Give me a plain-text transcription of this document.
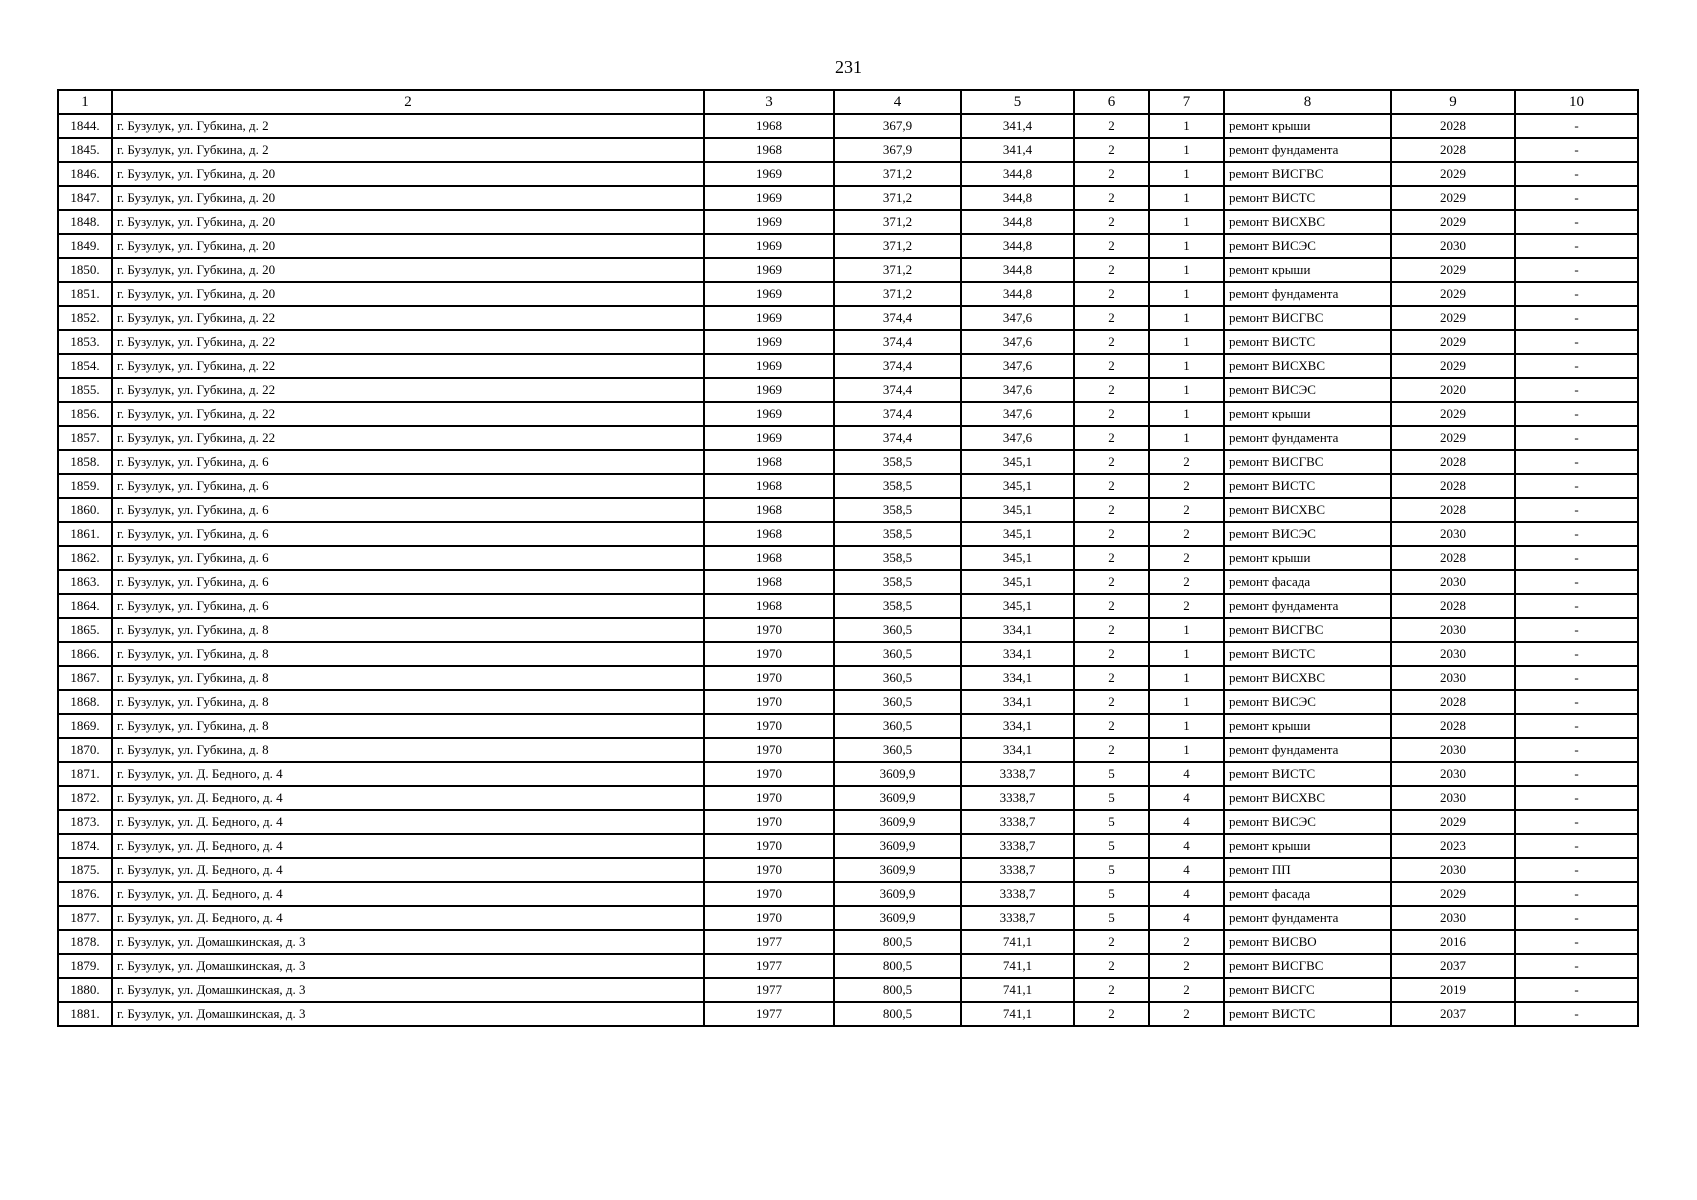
231
1	2	3	4	5	6	7	8	9	10
1844.	г. Бузулук, ул. Губкина, д. 2	1968	367,9	341,4	2	1	ремонт крыши	2028	-
1845.	г. Бузулук, ул. Губкина, д. 2	1968	367,9	341,4	2	1	ремонт фундамента	2028	-
1846.	г. Бузулук, ул. Губкина, д. 20	1969	371,2	344,8	2	1	ремонт ВИСГВС	2029	-
1847.	г. Бузулук, ул. Губкина, д. 20	1969	371,2	344,8	2	1	ремонт ВИСТС	2029	-
1848.	г. Бузулук, ул. Губкина, д. 20	1969	371,2	344,8	2	1	ремонт ВИСХВС	2029	-
1849.	г. Бузулук, ул. Губкина, д. 20	1969	371,2	344,8	2	1	ремонт ВИСЭС	2030	-
1850.	г. Бузулук, ул. Губкина, д. 20	1969	371,2	344,8	2	1	ремонт крыши	2029	-
1851.	г. Бузулук, ул. Губкина, д. 20	1969	371,2	344,8	2	1	ремонт фундамента	2029	-
1852.	г. Бузулук, ул. Губкина, д. 22	1969	374,4	347,6	2	1	ремонт ВИСГВС	2029	-
1853.	г. Бузулук, ул. Губкина, д. 22	1969	374,4	347,6	2	1	ремонт ВИСТС	2029	-
1854.	г. Бузулук, ул. Губкина, д. 22	1969	374,4	347,6	2	1	ремонт ВИСХВС	2029	-
1855.	г. Бузулук, ул. Губкина, д. 22	1969	374,4	347,6	2	1	ремонт ВИСЭС	2020	-
1856.	г. Бузулук, ул. Губкина, д. 22	1969	374,4	347,6	2	1	ремонт крыши	2029	-
1857.	г. Бузулук, ул. Губкина, д. 22	1969	374,4	347,6	2	1	ремонт фундамента	2029	-
1858.	г. Бузулук, ул. Губкина, д. 6	1968	358,5	345,1	2	2	ремонт ВИСГВС	2028	-
1859.	г. Бузулук, ул. Губкина, д. 6	1968	358,5	345,1	2	2	ремонт ВИСТС	2028	-
1860.	г. Бузулук, ул. Губкина, д. 6	1968	358,5	345,1	2	2	ремонт ВИСХВС	2028	-
1861.	г. Бузулук, ул. Губкина, д. 6	1968	358,5	345,1	2	2	ремонт ВИСЭС	2030	-
1862.	г. Бузулук, ул. Губкина, д. 6	1968	358,5	345,1	2	2	ремонт крыши	2028	-
1863.	г. Бузулук, ул. Губкина, д. 6	1968	358,5	345,1	2	2	ремонт фасада	2030	-
1864.	г. Бузулук, ул. Губкина, д. 6	1968	358,5	345,1	2	2	ремонт фундамента	2028	-
1865.	г. Бузулук, ул. Губкина, д. 8	1970	360,5	334,1	2	1	ремонт ВИСГВС	2030	-
1866.	г. Бузулук, ул. Губкина, д. 8	1970	360,5	334,1	2	1	ремонт ВИСТС	2030	-
1867.	г. Бузулук, ул. Губкина, д. 8	1970	360,5	334,1	2	1	ремонт ВИСХВС	2030	-
1868.	г. Бузулук, ул. Губкина, д. 8	1970	360,5	334,1	2	1	ремонт ВИСЭС	2028	-
1869.	г. Бузулук, ул. Губкина, д. 8	1970	360,5	334,1	2	1	ремонт крыши	2028	-
1870.	г. Бузулук, ул. Губкина, д. 8	1970	360,5	334,1	2	1	ремонт фундамента	2030	-
1871.	г. Бузулук, ул. Д. Бедного, д. 4	1970	3609,9	3338,7	5	4	ремонт ВИСТС	2030	-
1872.	г. Бузулук, ул. Д. Бедного, д. 4	1970	3609,9	3338,7	5	4	ремонт ВИСХВС	2030	-
1873.	г. Бузулук, ул. Д. Бедного, д. 4	1970	3609,9	3338,7	5	4	ремонт ВИСЭС	2029	-
1874.	г. Бузулук, ул. Д. Бедного, д. 4	1970	3609,9	3338,7	5	4	ремонт крыши	2023	-
1875.	г. Бузулук, ул. Д. Бедного, д. 4	1970	3609,9	3338,7	5	4	ремонт ПП	2030	-
1876.	г. Бузулук, ул. Д. Бедного, д. 4	1970	3609,9	3338,7	5	4	ремонт фасада	2029	-
1877.	г. Бузулук, ул. Д. Бедного, д. 4	1970	3609,9	3338,7	5	4	ремонт фундамента	2030	-
1878.	г. Бузулук, ул. Домашкинская, д. 3	1977	800,5	741,1	2	2	ремонт ВИСВО	2016	-
1879.	г. Бузулук, ул. Домашкинская, д. 3	1977	800,5	741,1	2	2	ремонт ВИСГВС	2037	-
1880.	г. Бузулук, ул. Домашкинская, д. 3	1977	800,5	741,1	2	2	ремонт ВИСГС	2019	-
1881.	г. Бузулук, ул. Домашкинская, д. 3	1977	800,5	741,1	2	2	ремонт ВИСТС	2037	-
